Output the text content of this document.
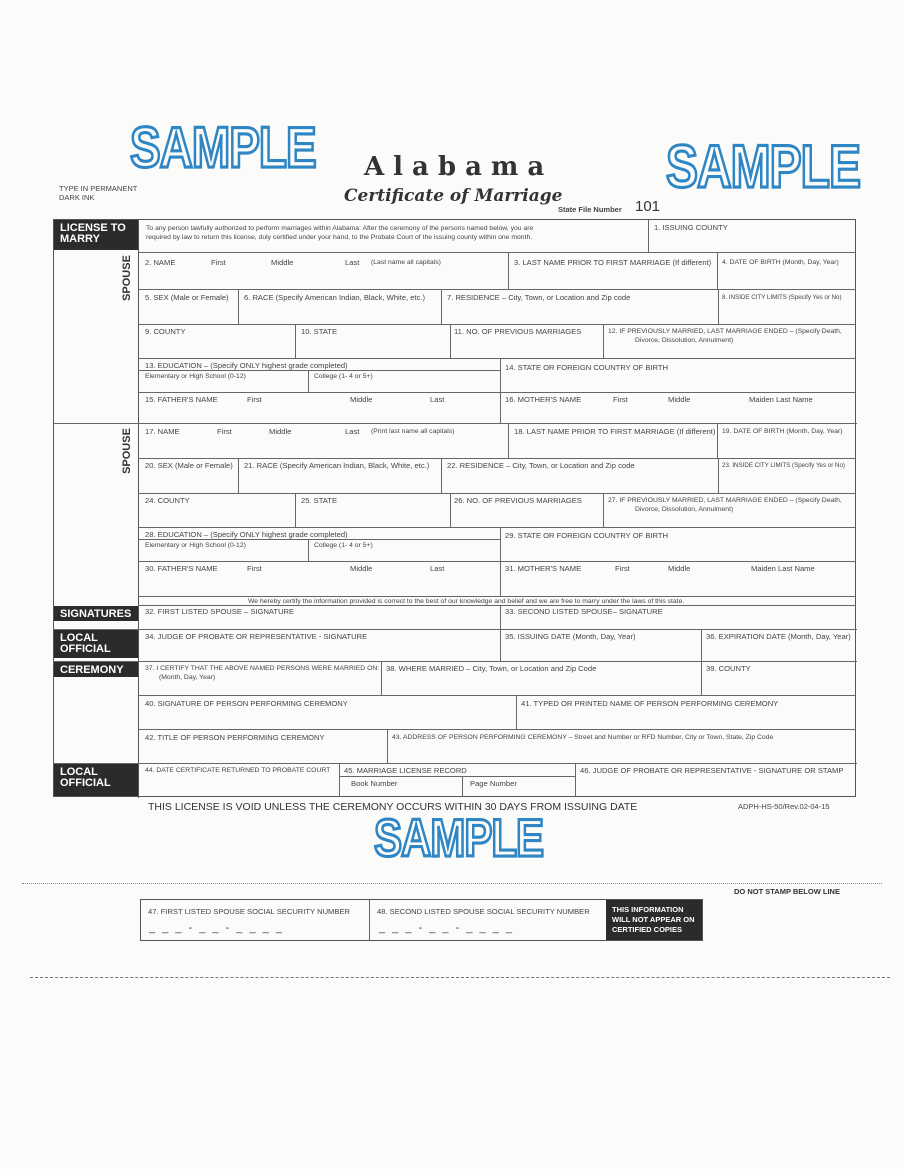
SAMPLE	SAMPLE
SAMPLE
TYPE IN PERMANENT
DARK INK
Alabama
Certificate of Marriage
State File Number 101
LICENSE TO MARRY
SPOUSE
SPOUSE
SIGNATURES
LOCAL OFFICIAL
CEREMONY
LOCAL OFFICIAL
To any person lawfully authorized to perform marriages within Alabama: After the ceremony of the persons named below, you are
required by law to return this license, duly certified under your hand, to the Probate Court of the issuing county within one month.
1. ISSUING COUNTY
2. NAME	First	Middle	Last (Last name all capitals)	3. LAST NAME PRIOR TO FIRST MARRIAGE (If different) 4. DATE OF BIRTH (Month, Day, Year)
5. SEX (Male or Female) 6. RACE (Specify American Indian, Black, White, etc.)	7. RESIDENCE – City, Town, or Location and Zip code	8. INSIDE CITY LIMITS (Specify Yes or No)
9. COUNTY	10. STATE	11. NO. OF PREVIOUS MARRIAGES	12. IF PREVIOUSLY MARRIED, LAST MARRIAGE ENDED – (Specify Death,
Divorce, Dissolution, Annulment)
13. EDUCATION – (Specify ONLY highest grade completed)
Elementary or High School (0-12)	College (1- 4 or 5+)
14. STATE OR FOREIGN COUNTRY OF BIRTH
15. FATHER'S NAME	First	Middle	Last	16. MOTHER'S NAME	First	Middle	Maiden Last Name
17. NAME	First	Middle	Last (Print last name all capitals)	18. LAST NAME PRIOR TO FIRST MARRIAGE (If different) 19. DATE OF BIRTH (Month, Day, Year)
20. SEX (Male or Female) 21. RACE (Specify American Indian, Black, White, etc.) 22. RESIDENCE – City, Town, or Location and Zip code	23. INSIDE CITY LIMITS (Specify Yes or No)
24. COUNTY	25. STATE	26. NO. OF PREVIOUS MARRIAGES	27. IF PREVIOUSLY MARRIED, LAST MARRIAGE ENDED – (Specify Death,
Divorce, Dissolution, Annulment)
28. EDUCATION – (Specify ONLY highest grade completed)
Elementary or High School (0-12)	College (1- 4 or 5+)
29. STATE OR FOREIGN COUNTRY OF BIRTH
30. FATHER'S NAME	First	Middle	Last	31. MOTHER'S NAME	First	Middle	Maiden Last Name
We hereby certify the information provided is correct to the best of our knowledge and belief and we are free to marry under the laws of this state.
32. FIRST LISTED SPOUSE – SIGNATURE	33. SECOND LISTED SPOUSE– SIGNATURE
34. JUDGE OF PROBATE OR REPRESENTATIVE - SIGNATURE	35. ISSUING DATE (Month, Day, Year)	36. EXPIRATION DATE (Month, Day, Year)
37. I CERTIFY THAT THE ABOVE NAMED PERSONS WERE MARRIED ON:
(Month, Day, Year)
38. WHERE MARRIED – City, Town, or Location and Zip Code	39. COUNTY
40. SIGNATURE OF PERSON PERFORMING CEREMONY	41. TYPED OR PRINTED NAME OF PERSON PERFORMING CEREMONY
42. TITLE OF PERSON PERFORMING CEREMONY	43. ADDRESS OF PERSON PERFORMING CEREMONY – Street and Number or RFD Number, City or Town, State, Zip Code
44. DATE CERTIFICATE RETURNED TO PROBATE COURT 45. MARRIAGE LICENSE RECORD
Book Number	Page Number
46. JUDGE OF PROBATE OR REPRESENTATIVE - SIGNATURE OR STAMP
THIS LICENSE IS VOID UNLESS THE CEREMONY OCCURS WITHIN 30 DAYS FROM ISSUING DATE	ADPH-HS-50/Rev.02-04-15
DO NOT STAMP BELOW LINE
47. FIRST LISTED SPOUSE SOCIAL SECURITY NUMBER
_ _ _ - _ _ - _ _ _ _
48. SECOND LISTED SPOUSE SOCIAL SECURITY NUMBER
_ _ _ - _ _ - _ _ _ _
THIS INFORMATION WILL NOT APPEAR ON CERTIFIED COPIES
